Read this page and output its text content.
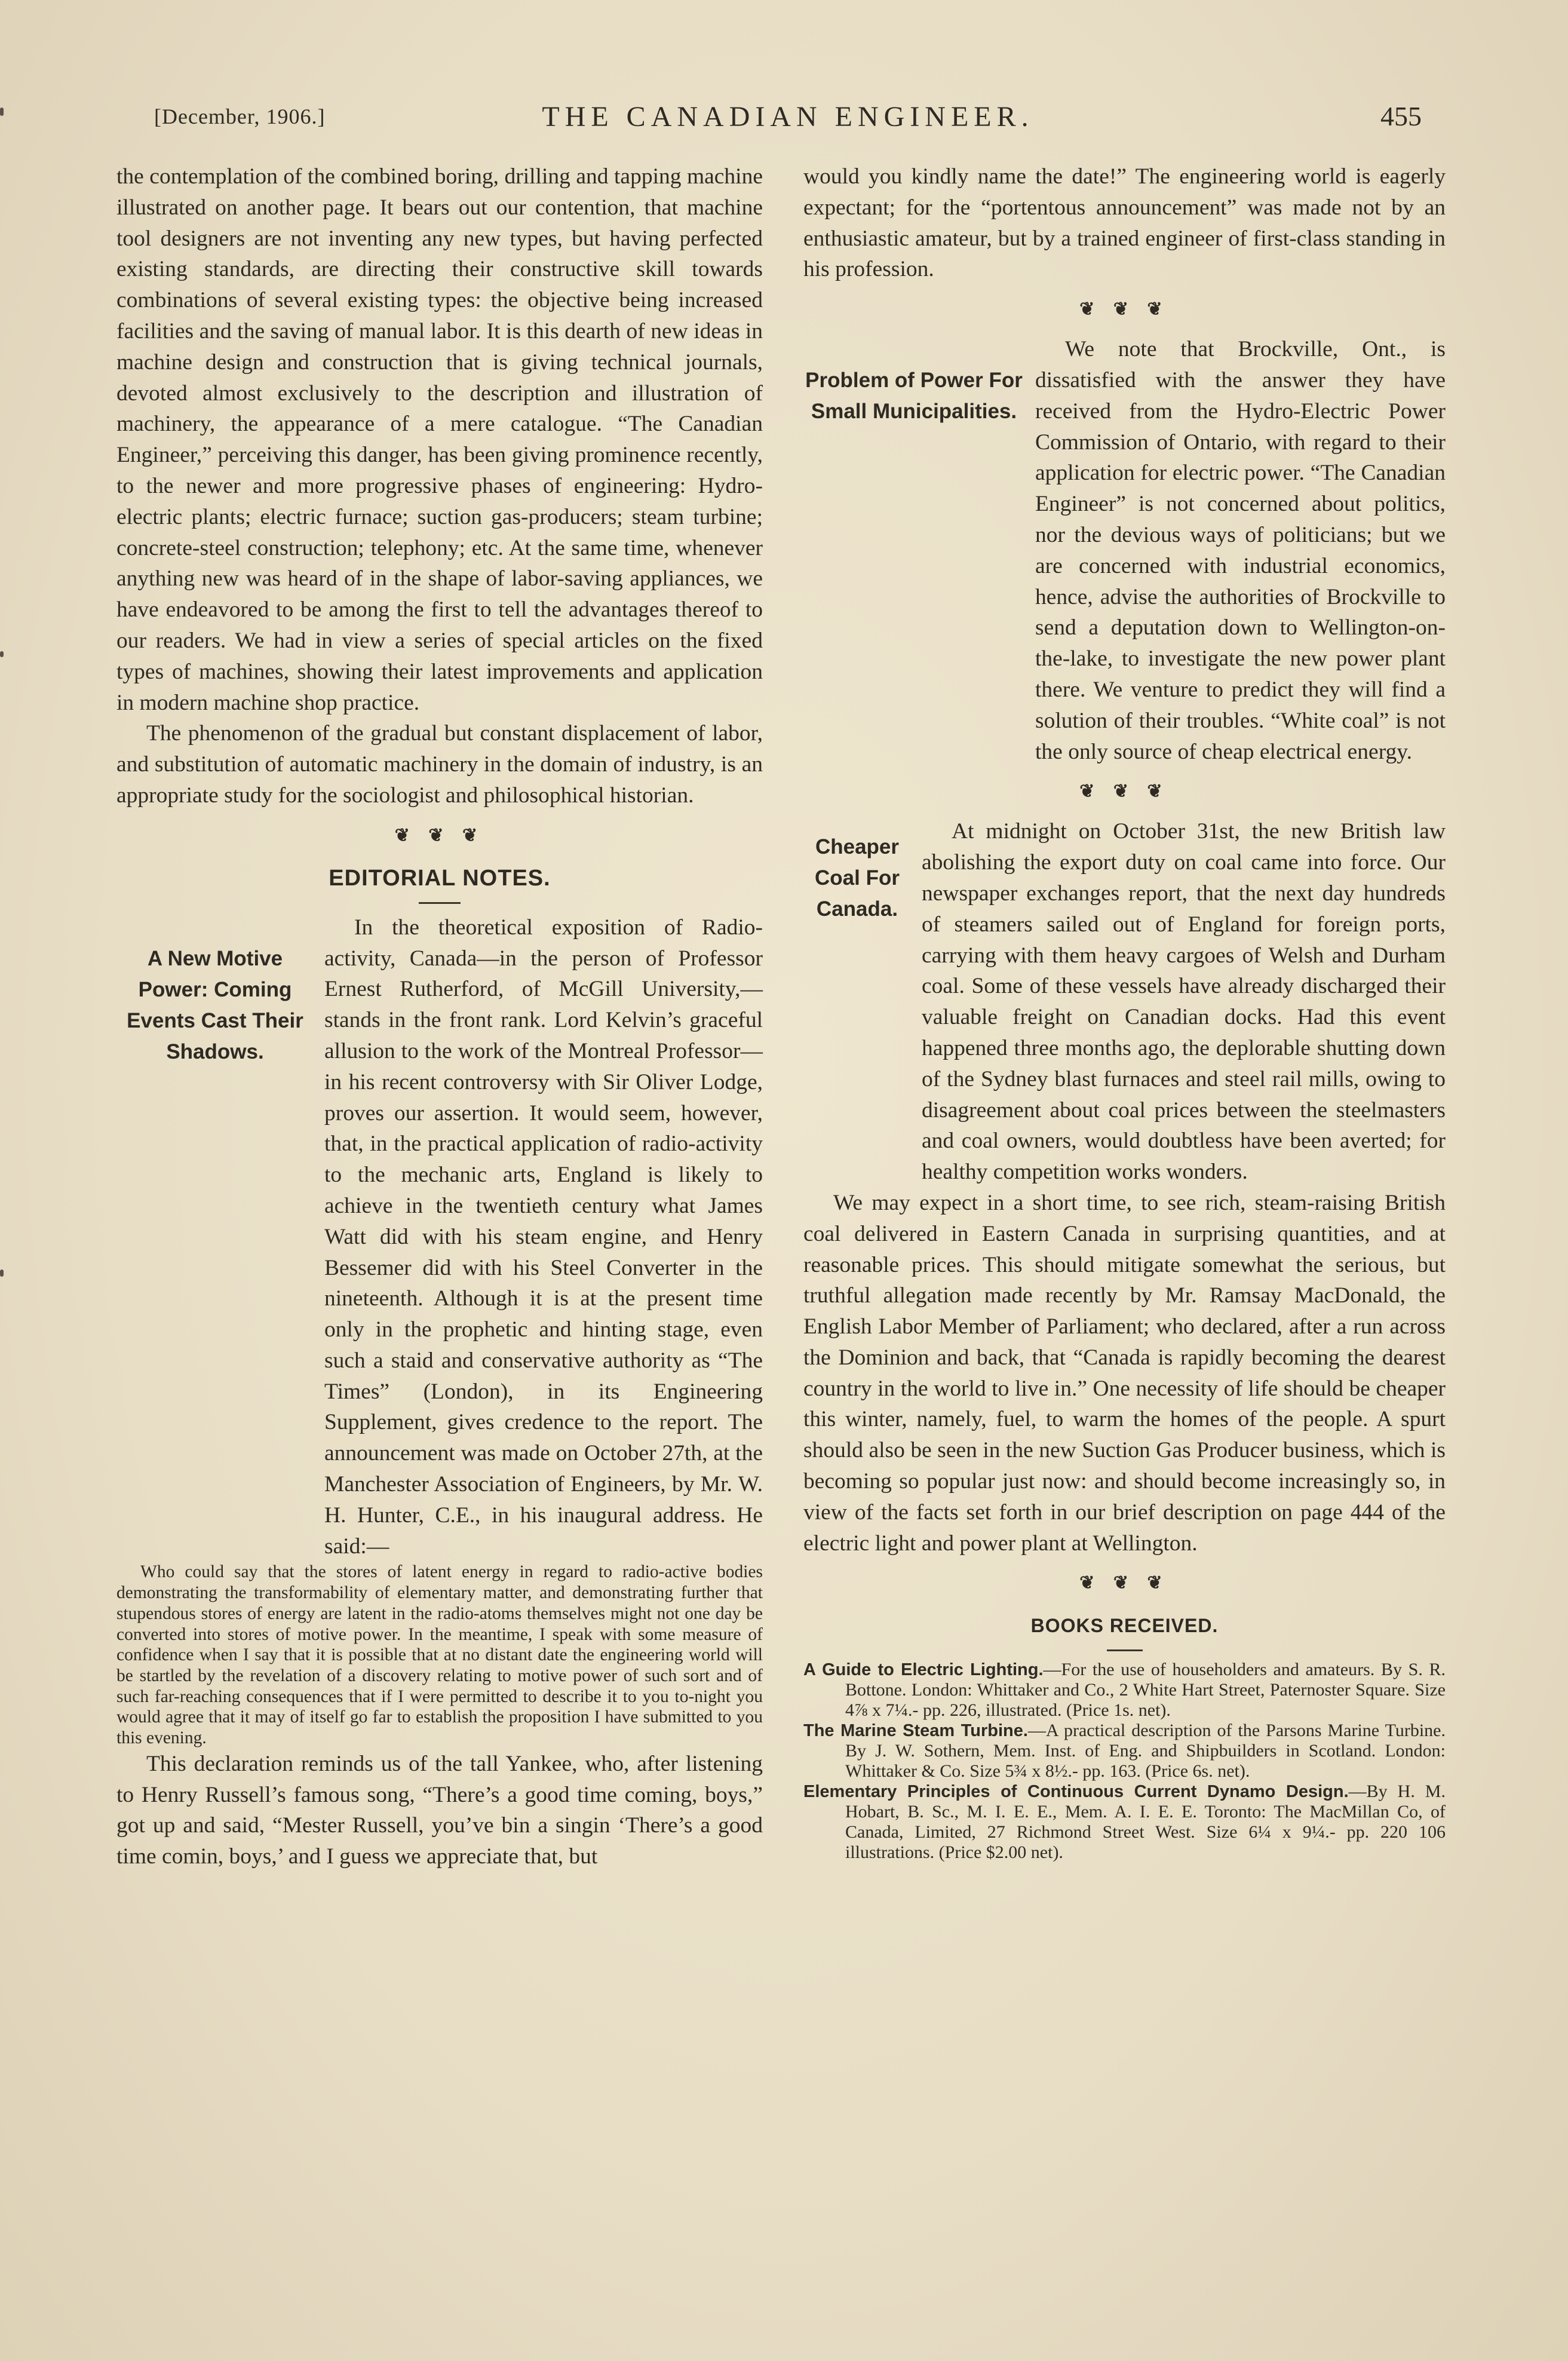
[December, 1906.]	THE CANADIAN ENGINEER.	455

the contemplation of the combined boring, drilling and tapping machine illustrated on another page. It bears out our contention, that machine tool designers are not inventing any new types, but having perfected existing standards, are directing their constructive skill towards combinations of several existing types: the objective being increased facilities and the saving of manual labor. It is this dearth of new ideas in machine design and construction that is giving technical journals, devoted almost exclusively to the description and illustration of machinery, the appearance of a mere catalogue. “The Canadian Engineer,” perceiving this danger, has been giving prominence recently, to the newer and more progressive phases of engineering: Hydro-electric plants; electric furnace; suction gas-producers; steam turbine; concrete-steel construction; telephony; etc. At the same time, whenever anything new was heard of in the shape of labor-saving appliances, we have endeavored to be among the first to tell the advantages thereof to our readers. We had in view a series of special articles on the fixed types of machines, showing their latest improvements and application in modern machine shop practice.

The phenomenon of the gradual but constant displacement of labor, and substitution of automatic machinery in the domain of industry, is an appropriate study for the sociologist and philosophical historian.

❦ ❦ ❦
EDITORIAL NOTES.
A New Motive Power: Coming Events Cast Their Shadows.

In the theoretical exposition of Radio-activity, Canada—in the person of Professor Ernest Rutherford, of McGill University,—stands in the front rank. Lord Kelvin’s graceful allusion to the work of the Montreal Professor—in his recent controversy with Sir Oliver Lodge, proves our assertion. It would seem, however, that, in the practical application of radio-activity to the mechanic arts, England is likely to achieve in the twentieth century what James Watt did with his steam engine, and Henry Bessemer did with his Steel Converter in the nineteenth. Although it is at the present time only in the prophetic and hinting stage, even such a staid and conservative authority as “The Times” (London), in its Engineering Supplement, gives credence to the report. The announcement was made on October 27th, at the Manchester Association of Engineers, by Mr. W. H. Hunter, C.E., in his inaugural address. He said:—

Who could say that the stores of latent energy in regard to radio-active bodies demonstrating the transformability of elementary matter, and demonstrating further that stupendous stores of energy are latent in the radio-atoms themselves might not one day be converted into stores of motive power. In the meantime, I speak with some measure of confidence when I say that it is possible that at no distant date the engineering world will be startled by the revelation of a discovery relating to motive power of such sort and of such far-reaching consequences that if I were permitted to describe it to you to-night you would agree that it may of itself go far to establish the proposition I have submitted to you this evening.

This declaration reminds us of the tall Yankee, who, after listening to Henry Russell’s famous song, “There’s a good time coming, boys,” got up and said, “Mester Russell, you’ve bin a singin ‘There’s a good time comin, boys,’ and I guess we appreciate that, but

would you kindly name the date!” The engineering world is eagerly expectant; for the “portentous announcement” was made not by an enthusiastic amateur, but by a trained engineer of first-class standing in his profession.

❦ ❦ ❦
Problem of Power For Small Municipalities.

We note that Brockville, Ont., is dissatisfied with the answer they have received from the Hydro-Electric Power Commission of Ontario, with regard to their application for electric power. “The Canadian Engineer” is not concerned about politics, nor the devious ways of politicians; but we are concerned with industrial economics, hence, advise the authorities of Brockville to send a deputation down to Wellington-on-the-lake, to investigate the new power plant there. We venture to predict they will find a solution of their troubles. “White coal” is not the only source of cheap electrical energy.

❦ ❦ ❦
Cheaper Coal For Canada.

At midnight on October 31st, the new British law abolishing the export duty on coal came into force. Our newspaper exchanges report, that the next day hundreds of steamers sailed out of England for foreign ports, carrying with them heavy cargoes of Welsh and Durham coal. Some of these vessels have already discharged their valuable freight on Canadian docks. Had this event happened three months ago, the deplorable shutting down of the Sydney blast furnaces and steel rail mills, owing to disagreement about coal prices between the steelmasters and coal owners, would doubtless have been averted; for healthy competition works wonders.

We may expect in a short time, to see rich, steam-raising British coal delivered in Eastern Canada in surprising quantities, and at reasonable prices. This should mitigate somewhat the serious, but truthful allegation made recently by Mr. Ramsay MacDonald, the English Labor Member of Parliament; who declared, after a run across the Dominion and back, that “Canada is rapidly becoming the dearest country in the world to live in.” One necessity of life should be cheaper this winter, namely, fuel, to warm the homes of the people. A spurt should also be seen in the new Suction Gas Producer business, which is becoming so popular just now: and should become increasingly so, in view of the facts set forth in our brief description on page 444 of the electric light and power plant at Wellington.

❦ ❦ ❦
BOOKS RECEIVED.

A Guide to Electric Lighting.—For the use of householders and amateurs. By S. R. Bottone. London: Whittaker and Co., 2 White Hart Street, Paternoster Square. Size 4⅞ x 7¼.- pp. 226, illustrated. (Price 1s. net).

The Marine Steam Turbine.—A practical description of the Parsons Marine Turbine. By J. W. Sothern, Mem. Inst. of Eng. and Shipbuilders in Scotland. London: Whittaker & Co. Size 5¾ x 8½.- pp. 163. (Price 6s. net).

Elementary Principles of Continuous Current Dynamo Design.—By H. M. Hobart, B. Sc., M. I. E. E., Mem. A. I. E. E. Toronto: The MacMillan Co, of Canada, Limited, 27 Richmond Street West. Size 6¼ x 9¼.- pp. 220 106 illustrations. (Price $2.00 net).
